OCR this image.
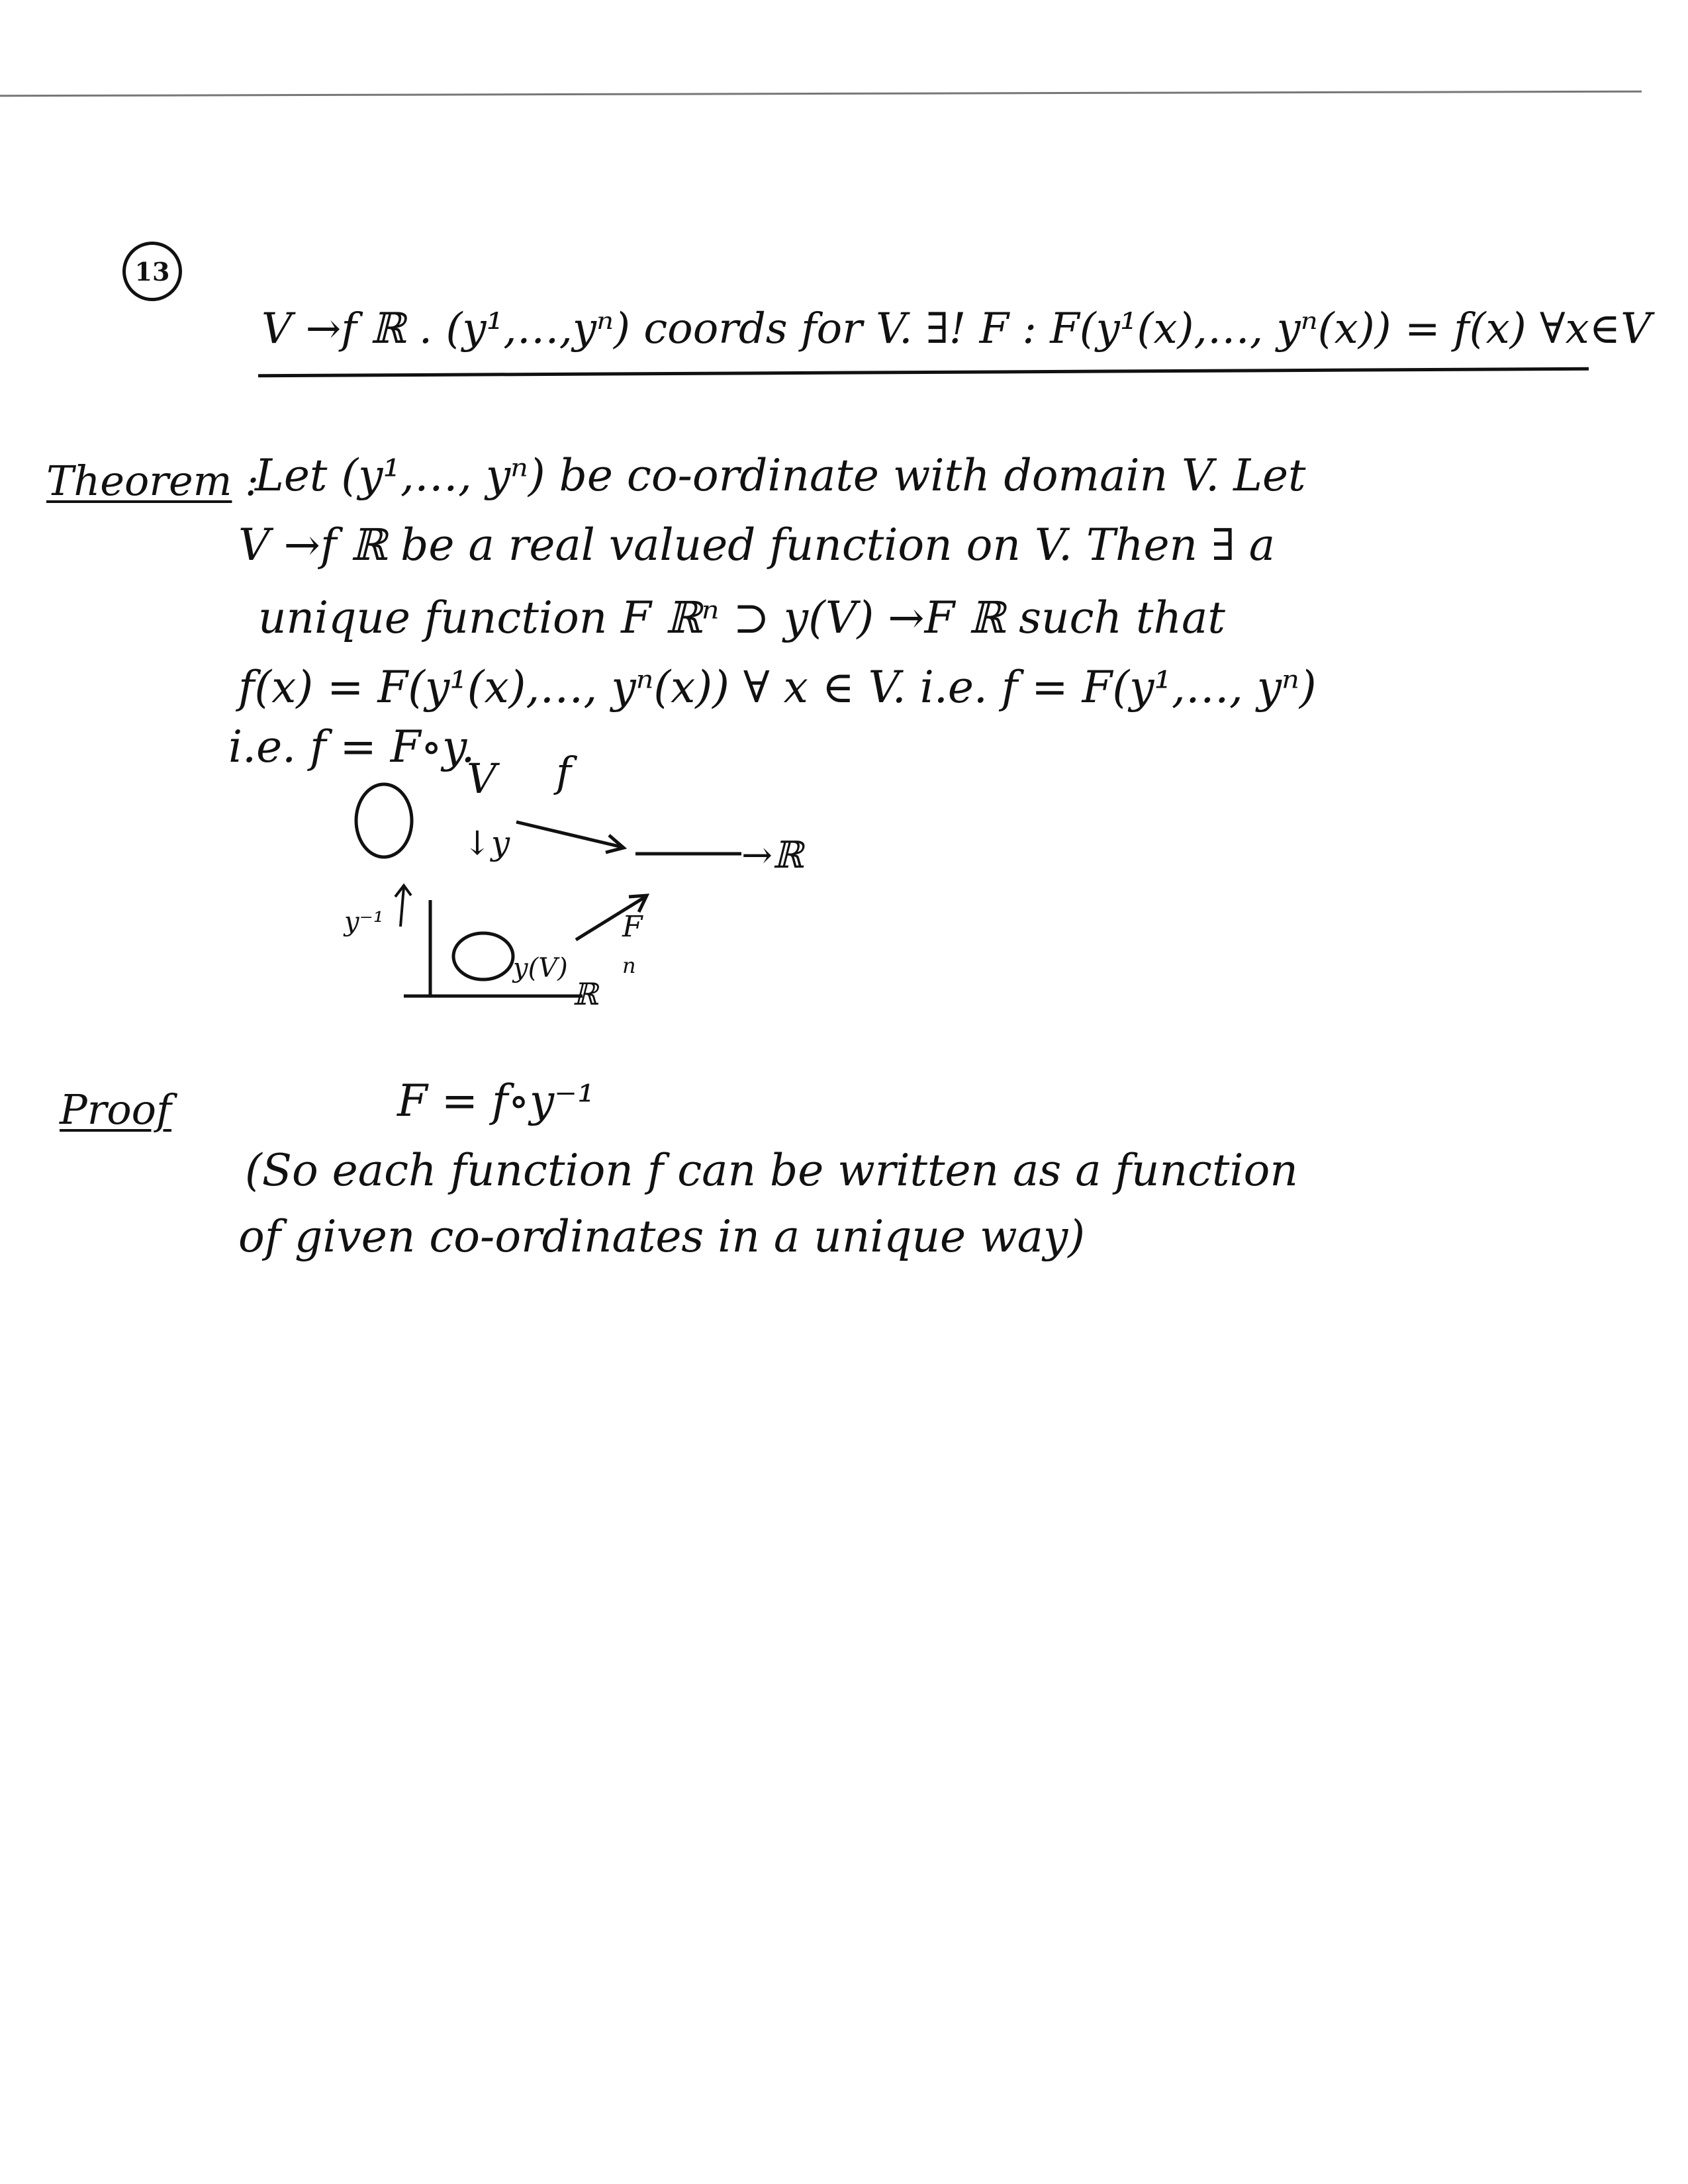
13
V →f ℝ . (y¹,…,yⁿ) coords for V. ∃! F : F(y¹(x),…, yⁿ(x)) = f(x) ∀x∈V
Theorem :
Let (y¹,…, yⁿ) be co-ordinate with domain V. Let
V →f ℝ be a real valued function on V. Then ∃ a
unique function F ℝⁿ ⊃ y(V) →F ℝ such that
f(x) = F(y¹(x),…, yⁿ(x)) ∀ x ∈ V. i.e. f = F(y¹,…, yⁿ)
i.e. f = F∘y.
V f
↓y	→ℝ
y⁻¹
y(V)
F
ℝ
n
Proof	F = f∘y⁻¹
(So each function f can be written as a function
of given co-ordinates in a unique way)
